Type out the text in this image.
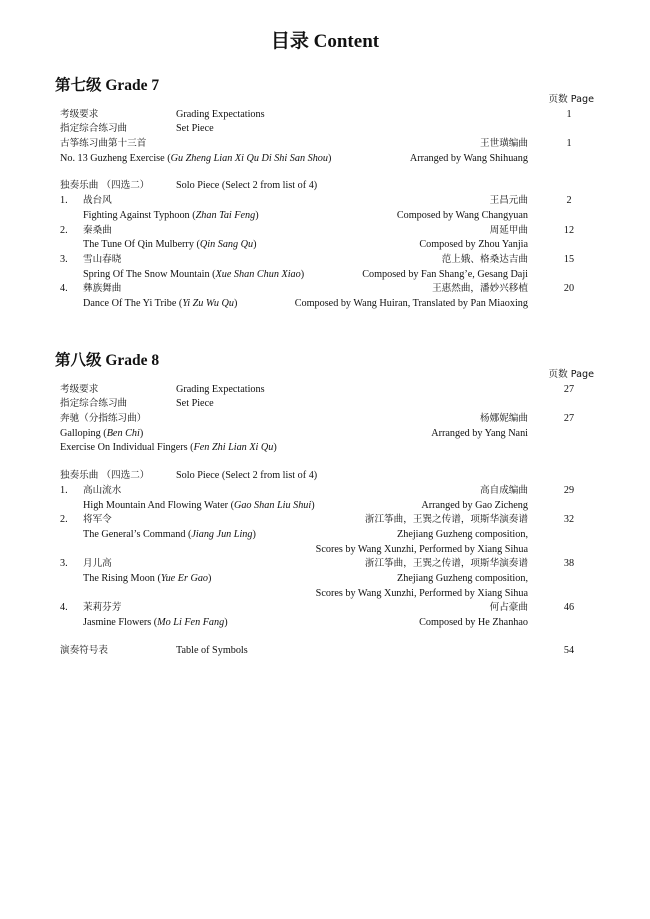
目录 Content
第七级 Grade 7
页数 Page
考级要求	Grading Expectations	1
指定综合练习曲	Set Piece
古筝练习曲第十三首	王世璜编曲	1
No. 13 Guzheng Exercise (Gu Zheng Lian Xi Qu Di Shi San Shou)	Arranged by Wang Shihuang
独奏乐曲 （四选二）	Solo Piece (Select 2 from list of 4)
1. 战台风	王昌元曲	2
Fighting Against Typhoon (Zhan Tai Feng)	Composed by Wang Changyuan
2. 秦桑曲	周延甲曲	12
The Tune Of Qin Mulberry (Qin Sang Qu)	Composed by Zhou Yanjia
3. 雪山春晓	范上娥、格桑达吉曲	15
Spring Of The Snow Mountain (Xue Shan Chun Xiao)	Composed by Fan Shang’e, Gesang Daji
4. 彝族舞曲	王惠然曲，潘妙兴移植	20
Dance Of The Yi Tribe (Yi Zu Wu Qu)	Composed by Wang Huiran, Translated by Pan Miaoxing
第八级 Grade 8
页数 Page
考级要求	Grading Expectations	27
指定综合练习曲	Set Piece
奔驰（分指练习曲）	杨娜妮编曲	27
Galloping (Ben Chi)	Arranged by Yang Nani
Exercise On Individual Fingers (Fen Zhi Lian Xi Qu)
独奏乐曲 （四选二）	Solo Piece (Select 2 from list of 4)
1. 高山流水	高自成编曲	29
High Mountain And Flowing Water (Gao Shan Liu Shui)	Arranged by Gao Zicheng
2. 将军令	浙江筝曲，王巽之传谱，项斯华演奏谱	32
The General’s Command (Jiang Jun Ling)	Zhejiang Guzheng composition,
Scores by Wang Xunzhi, Performed by Xiang Sihua
3. 月儿高	浙江筝曲，王巽之传谱，项斯华演奏谱	38
The Rising Moon (Yue Er Gao)	Zhejiang Guzheng composition,
Scores by Wang Xunzhi, Performed by Xiang Sihua
4. 茉莉芬芳	何占豪曲	46
Jasmine Flowers (Mo Li Fen Fang)	Composed by He Zhanhao
演奏符号表	Table of Symbols	54
